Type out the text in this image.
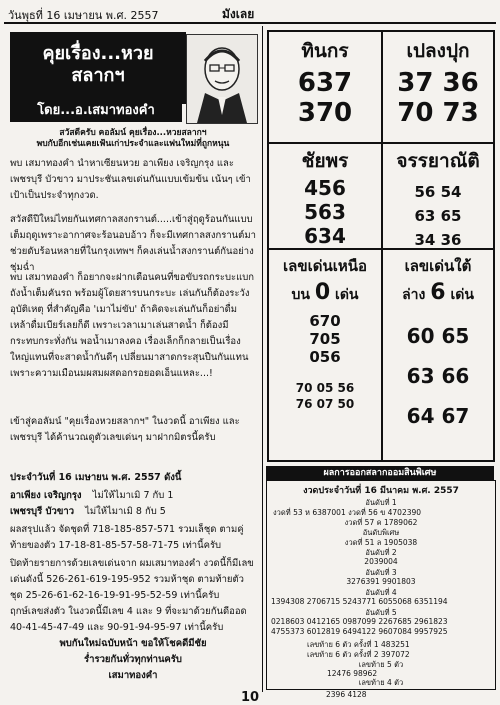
วันพุธที่ 16 เมษายน พ.ศ. 2557	มังเลย
คุยเรื่อง...หวย
สลากฯ
โดย...อ.เสมาทองคำ
สวัสดีครับ คอลัมน์ คุยเรื่อง...หวยสลากฯ
พบกับอีกเช่นเคยเฟ้นเก่าประจำและแฟนใหม่ที่ถูกหนุน
พบ เสมาทองคำ นำหาเซียนหวย อาเพียง เจริญกรุง และ เพชรบุรี บัวขาว มาประชันเลขเด่นกันแบบเข้มข้น เน้นๆ เข้าเป้าเป็นประจำทุกงวด.
สวัสดีปีใหม่ไทยกันเทศกาลสงกรานต์.....เข้าสู่ฤดูร้อนกันแบบเต็มฤดูเพราะอากาศจะร้อนอบอ้าว ก็จะมีเทศกาลสงกรานต์มาช่วยดับร้อนหลายที่ในกรุงเทพฯ ก็คงเล่นน้ำสงกรานต์กันอย่างชุ่มฉ่ำ
พบ เสมาทองคำ ก็อยากจะฝากเตือนคนที่ขอขับรถกระบะแบกถังน้ำเต็มคันรถ พร้อมผู้โดยสารบนกระบะ เล่นกันก็ต้องระวังอุบัติเหตุ ที่สำคัญคือ 'เมาไม่ขับ' ถ้าคิดจะเล่นกันก็อย่าดื่มเหล้าดื่มเบียร์เลยก็ดี เพราะเวลาเมาเล่นสาดน้ำ ก็ต้องมีกระทบกระทั่งกัน พอน้ำเมาลงคอ เรื่องเล็กก็กลายเป็นเรื่องใหญ่แทนที่จะสาดน้ำกันดีๆ เปลี่ยนมาสาดกระสุนปืนกันแทน เพราะความเมือนมผสมผสดอกรอยอดเอ็นแหละ...!
เข้าสู่คอลัมน์ "คุยเรื่องหวยสลากฯ" ในงวดนี้ อาเพียง และ เพชรบุรี ได้ค้านวณดูตัวเลขเด่นๆ มาฝากมิตรนี้ครับ
ประจำวันที่ 16 เมษายน พ.ศ. 2557 ดังนี้
อาเพียง เจริญกรุง ไม่ให้ไมาเมิ 7 กับ 1
เพชรบุรี บัวขาว ไม่ให้ไมาเมิ 8 กับ 5
ผลสรุปแล้ว จัดชุดที่ 718-185-857-571 รวมเล็ชุด ตามคู่ท้ายของตัว 17-18-81-85-57-58-71-75 เท่านี้ครับ
ปิดท้ายรายการด้วยเลขเด่นจาก ผมเสมาทองคำ งวดนี้ก็มีเลขเด่นดังนี้ 526-261-619-195-952 รวมห้าชุด ตามท้ายตัวชุด 25-26-61-62-16-19-91-95-52-59 เท่านี้ครับ
ฤกษ์เลขส่งตัว ในงวดนี้มีเลข 4 และ 9 ที่จะมาด้วยกันดีออด 40-41-45-47-49 และ 90-91-94-95-97 เท่านี้ครับ
พบกันใหม่ฉบับหน้า ขอให้โชคดีมีชัย
ร่ำรวยกันทั่วทุกท่านครับ
เสมาทองคำ
ทินกร
637
370
เปลงปุก
37 36
70 73
ชัยพร
456
563
634
จรรยาณัติ
56 54
63 65
34 36
เลขเด่นเหนือ
บน 0 เด่น
670
705
056
70 05 56
76 07 50
เลขเด่นใต้
ล่าง 6 เด่น
60 65
63 66
64 67
ผลการออกสลากออมสินพิเศษ
งวดประจำวันที่ 16 มีนาคม พ.ศ. 2557
อันดับที่ 1
งวดที่ 53 ห 6387001 งวดที่ 56 ข 4702390
งวดที่ 57 ค 1789062
อันดับพิเศษ
งวดที่ 51 ล 1905038
อันดับที่ 2
2039004
อันดับที่ 3
3276391 9901803
อันดับที่ 4
1394308 2706715 5243771 6055068 6351194
อันดับที่ 5
0218603 0412165 0987099 2267685 2961823
4755373 6012819 6494122 9607084 9957925
เลขท้าย 6 ตัว ครั้งที่ 1 483251
เลขท้าย 6 ตัว ครั้งที่ 2 397072
เลขท้าย 5 ตัว
12476 98962
เลขท้าย 4 ตัว
2396 4128
10
